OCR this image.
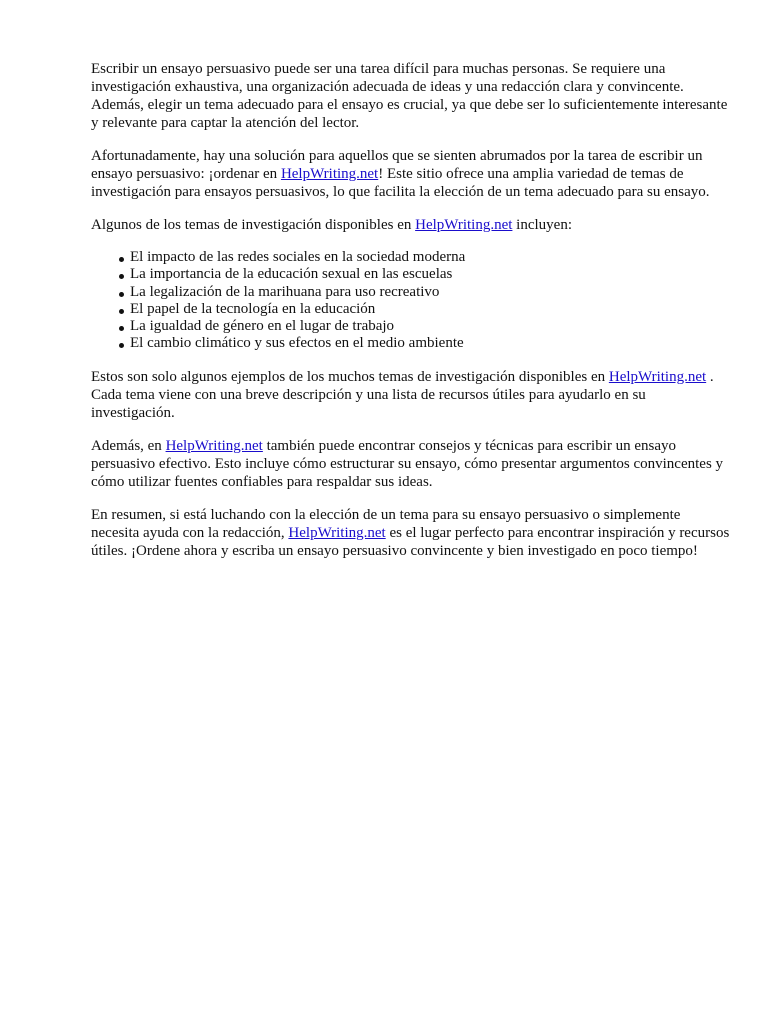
Escribir un ensayo persuasivo puede ser una tarea difícil para muchas personas. Se requiere una investigación exhaustiva, una organización adecuada de ideas y una redacción clara y convincente. Además, elegir un tema adecuado para el ensayo es crucial, ya que debe ser lo suficientemente interesante y relevante para captar la atención del lector.

Afortunadamente, hay una solución para aquellos que se sienten abrumados por la tarea de escribir un ensayo persuasivo: ¡ordenar en HelpWriting.net! Este sitio ofrece una amplia variedad de temas de investigación para ensayos persuasivos, lo que facilita la elección de un tema adecuado para su ensayo.

Algunos de los temas de investigación disponibles en HelpWriting.net incluyen:

El impacto de las redes sociales en la sociedad moderna
La importancia de la educación sexual en las escuelas
La legalización de la marihuana para uso recreativo
El papel de la tecnología en la educación
La igualdad de género en el lugar de trabajo
El cambio climático y sus efectos en el medio ambiente

Estos son solo algunos ejemplos de los muchos temas de investigación disponibles en HelpWriting.net . Cada tema viene con una breve descripción y una lista de recursos útiles para ayudarlo en su investigación.

Además, en HelpWriting.net también puede encontrar consejos y técnicas para escribir un ensayo persuasivo efectivo. Esto incluye cómo estructurar su ensayo, cómo presentar argumentos convincentes y cómo utilizar fuentes confiables para respaldar sus ideas.

En resumen, si está luchando con la elección de un tema para su ensayo persuasivo o simplemente necesita ayuda con la redacción, HelpWriting.net es el lugar perfecto para encontrar inspiración y recursos útiles. ¡Ordene ahora y escriba un ensayo persuasivo convincente y bien investigado en poco tiempo!
